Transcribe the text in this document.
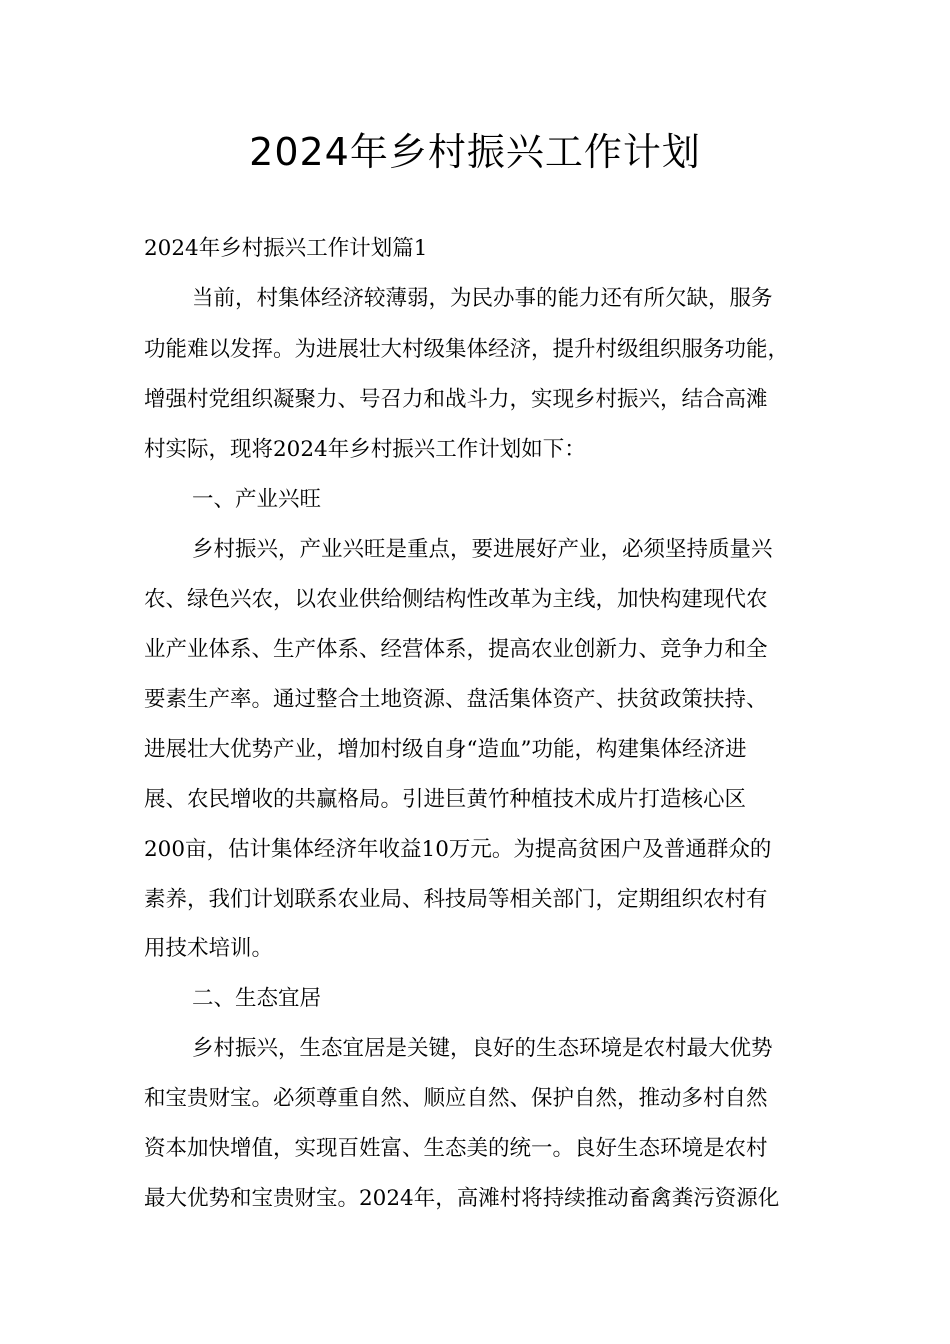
2024年乡村振兴工作计划
2024年乡村振兴工作计划篇1
当前，村集体经济较薄弱，为民办事的能力还有所欠缺，服务
功能难以发挥。为进展壮大村级集体经济，提升村级组织服务功能，
增强村党组织凝聚力、号召力和战斗力，实现乡村振兴，结合高滩
村实际，现将2024年乡村振兴工作计划如下：
一、产业兴旺
乡村振兴，产业兴旺是重点，要进展好产业，必须坚持质量兴
农、绿色兴农，以农业供给侧结构性改革为主线，加快构建现代农
业产业体系、生产体系、经营体系，提高农业创新力、竞争力和全
要素生产率。通过整合土地资源、盘活集体资产、扶贫政策扶持、
进展壮大优势产业，增加村级自身“造血”功能，构建集体经济进
展、农民增收的共赢格局。引进巨黄竹种植技术成片打造核心区
200亩，估计集体经济年收益10万元。为提高贫困户及普通群众的
素养，我们计划联系农业局、科技局等相关部门，定期组织农村有
用技术培训。
二、生态宜居
乡村振兴，生态宜居是关键，良好的生态环境是农村最大优势
和宝贵财宝。必须尊重自然、顺应自然、保护自然，推动多村自然
资本加快增值，实现百姓富、生态美的统一。良好生态环境是农村
最大优势和宝贵财宝。2024年，高滩村将持续推动畜禽粪污资源化
